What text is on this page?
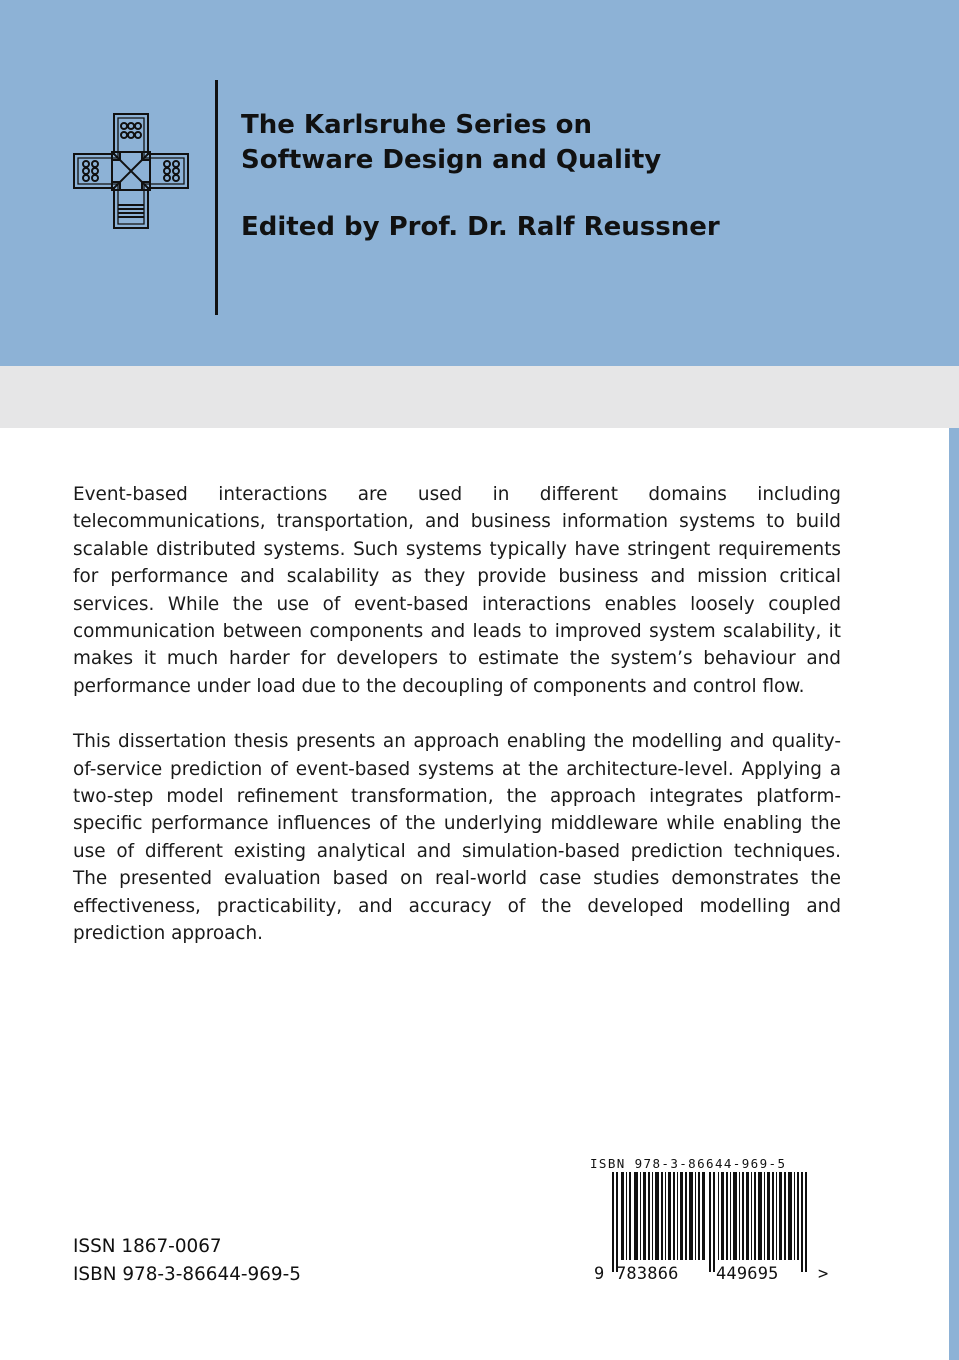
The Karlsruhe Series on
Software Design and Quality
Edited by Prof. Dr. Ralf Reussner

Event-based interactions are used in different domains including telecommunications, transportation, and business information systems to build scalable distributed systems. Such systems typically have stringent requirements for performance and scalability as they provide business and mission critical services. While the use of event-based interactions enables loosely coupled communication between components and leads to improved system scalability, it makes it much harder for developers to estimate the system’s behaviour and performance under load due to the decoupling of components and control flow.

This dissertation thesis presents an approach enabling the modelling and quality-of-service prediction of event-based systems at the architecture-level. Applying a two-step model refinement transformation, the approach integrates platform-specific performance influences of the underlying middleware while enabling the use of different existing analytical and simulation-based prediction techniques. The presented evaluation based on real-world case studies demonstrates the effectiveness, practicability, and accuracy of the developed modelling and prediction approach.

ISSN 1867-0067
ISBN 978-3-86644-969-5
ISBN 978-3-86644-969-5
9 783866 449695 >
